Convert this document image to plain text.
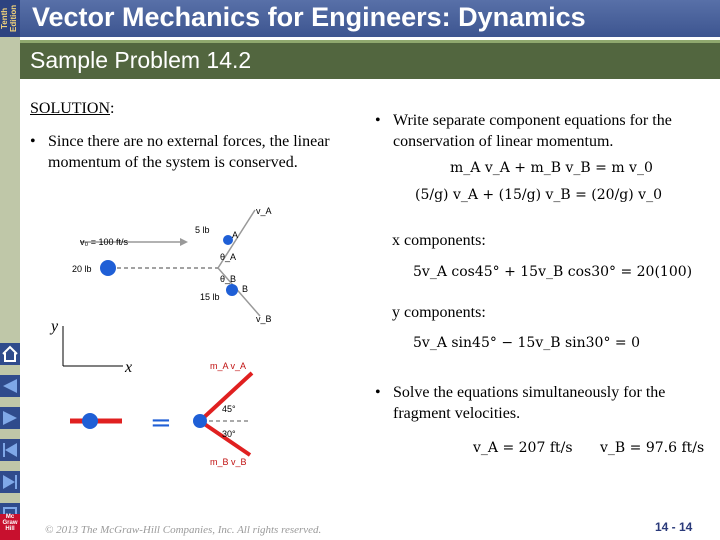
Tenth Edition Vector Mechanics for Engineers: Dynamics
Sample Problem 14.2
Mc
Graw
Hill
SOLUTION:
• Since there are no external forces, the linear momentum of the system is conserved.
v₀ = 100 ft/s
20 lb
5 lb
15 lb
A
B
v_A
v_B
θ_A
θ_B
y
x
=
mv₀
m_A v_A
m_B v_B
45°
30°
• Write separate component equations for the conservation of linear momentum.
m_A v_A + m_B v_B = m v_0
(5/g) v_A + (15/g) v_B = (20/g) v_0
x components:
5v_A cos45° + 15v_B cos30° = 20(100)
y components:
5v_A sin45° − 15v_B sin30° = 0
• Solve the equations simultaneously for the fragment velocities.
v_A = 207 ft/s v_B = 97.6 ft/s
© 2013 The McGraw-Hill Companies, Inc. All rights reserved.	14 - 14
